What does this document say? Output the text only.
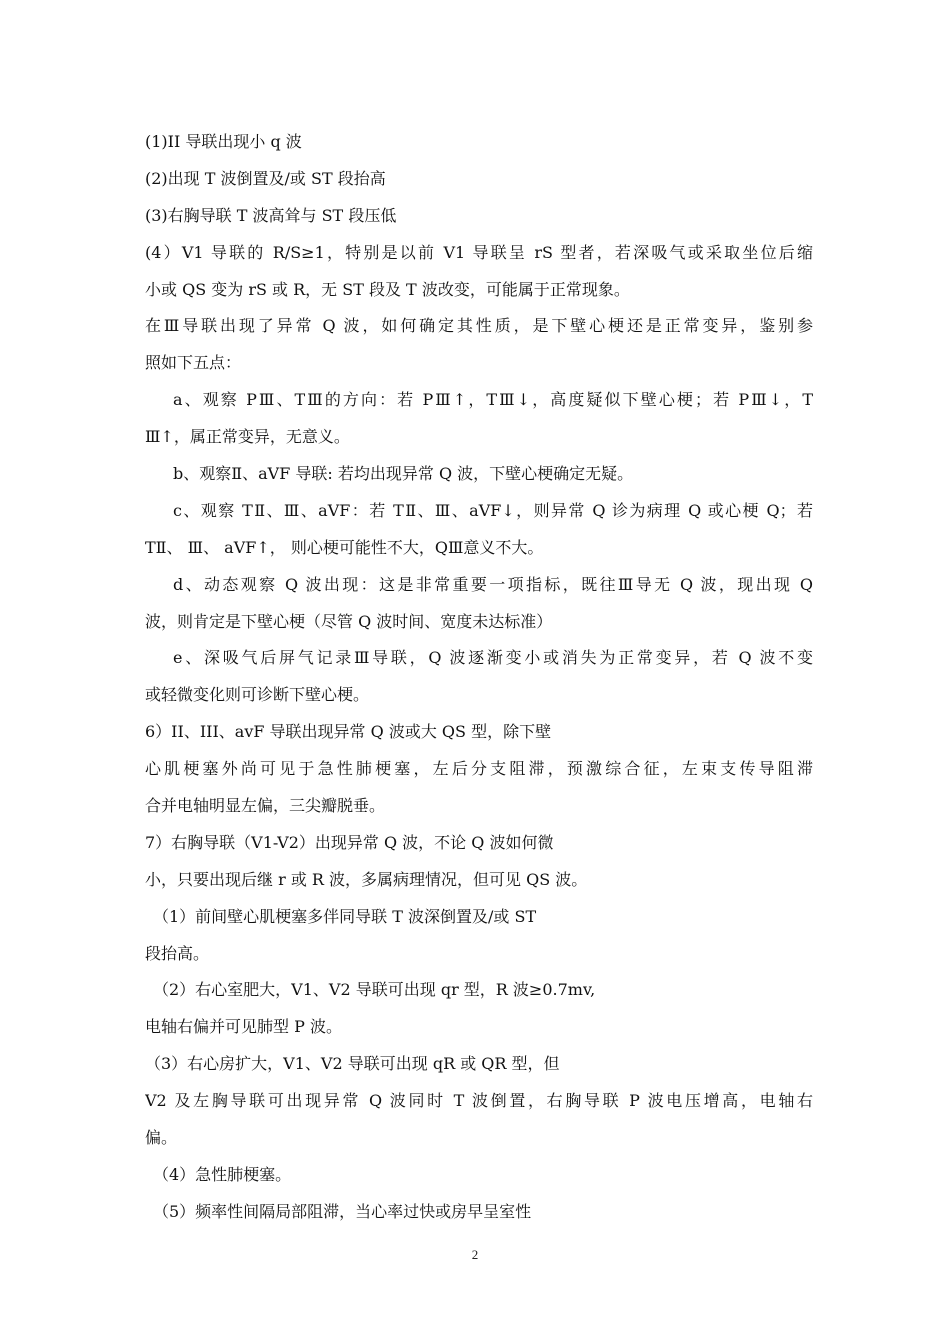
(1)II 导联出现小 q 波
(2)出现 T 波倒置及/或 ST 段抬高
(3)右胸导联 T 波高耸与 ST 段压低
(4）V1 导联的 R/S≥1，特别是以前 V1 导联呈 rS 型者，若深吸气或采取坐位后缩
小或 QS 变为 rS 或 R，无 ST 段及 T 波改变，可能属于正常现象。
在Ⅲ导联出现了异常 Q 波，如何确定其性质，是下壁心梗还是正常变异，鉴别参
照如下五点：
a、观察 PⅢ、TⅢ的方向：若 PⅢ↑，TⅢ↓，高度疑似下壁心梗；若 PⅢ↓，T
Ⅲ↑，属正常变异，无意义。
b、观察Ⅱ、aVF 导联: 若均出现异常 Q 波，下壁心梗确定无疑。
c、观察 TⅡ、Ⅲ、aVF：若 TⅡ、Ⅲ、aVF↓，则异常 Q 诊为病理 Q 或心梗 Q；若
TⅡ、 Ⅲ、 aVF↑， 则心梗可能性不大，QⅢ意义不大。
d、动态观察 Q 波出现：这是非常重要一项指标，既往Ⅲ导无 Q 波，现出现 Q
波，则肯定是下壁心梗（尽管 Q 波时间、宽度未达标准）
e、深吸气后屏气记录Ⅲ导联，Q 波逐渐变小或消失为正常变异，若 Q 波不变
或轻微变化则可诊断下壁心梗。
6）II、III、avF 导联出现异常 Q 波或大 QS 型，除下壁
心肌梗塞外尚可见于急性肺梗塞，左后分支阻滞，预激综合征，左束支传导阻滞
合并电轴明显左偏，三尖瓣脱垂。
7）右胸导联（V1-V2）出现异常 Q 波，不论 Q 波如何微
小，只要出现后继 r 或 R 波，多属病理情况，但可见 QS 波。
（1）前间壁心肌梗塞多伴同导联 T 波深倒置及/或 ST
段抬高。
（2）右心室肥大，V1、V2 导联可出现 qr 型，R 波≥0.7mv,
电轴右偏并可见肺型 P 波。
（3）右心房扩大，V1、V2 导联可出现 qR 或 QR 型，但
V2 及左胸导联可出现异常 Q 波同时 T 波倒置，右胸导联 P 波电压增高，电轴右
偏。
（4）急性肺梗塞。
（5）频率性间隔局部阻滞，当心率过快或房早呈室性
2
